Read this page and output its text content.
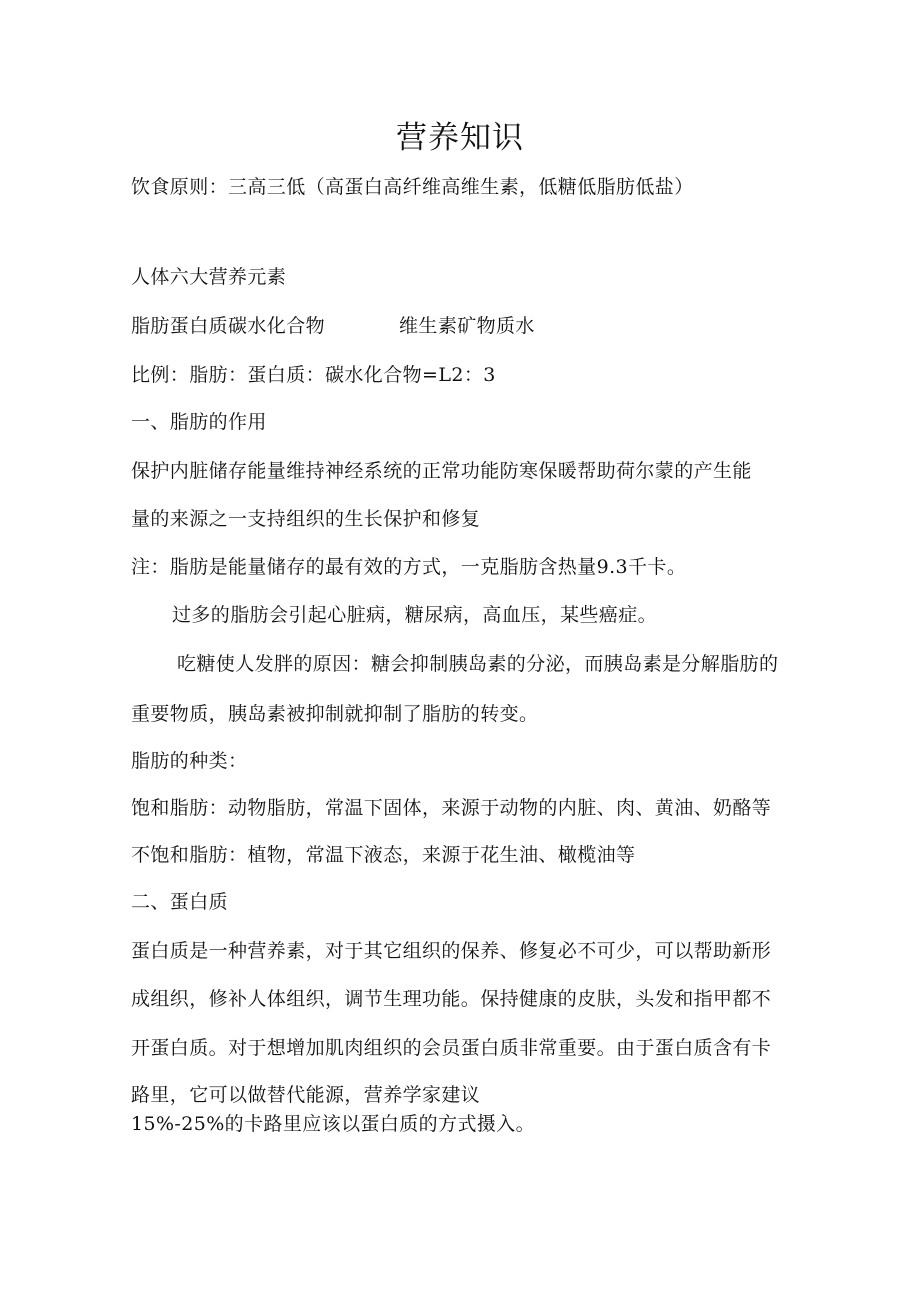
营养知识
饮食原则：三高三低（高蛋白高纤维高维生素，低糖低脂肪低盐）
人体六大营养元素
脂肪蛋白质碳水化合物	维生素矿物质水
比例：脂肪：蛋白质：碳水化合物=L2：3
一、脂肪的作用
保护内脏储存能量维持神经系统的正常功能防寒保暖帮助荷尔蒙的产生能
量的来源之一支持组织的生长保护和修复
注：脂肪是能量储存的最有效的方式，一克脂肪含热量9.3千卡。
过多的脂肪会引起心脏病，糖尿病，高血压，某些癌症。
吃糖使人发胖的原因：糖会抑制胰岛素的分泌，而胰岛素是分解脂肪的
重要物质，胰岛素被抑制就抑制了脂肪的转变。
脂肪的种类：
饱和脂肪：动物脂肪，常温下固体，来源于动物的内脏、肉、黄油、奶酪等
不饱和脂肪：植物，常温下液态，来源于花生油、橄榄油等
二、蛋白质
蛋白质是一种营养素，对于其它组织的保养、修复必不可少，可以帮助新形
成组织，修补人体组织，调节生理功能。保持健康的皮肤，头发和指甲都不
开蛋白质。对于想增加肌肉组织的会员蛋白质非常重要。由于蛋白质含有卡
路里，它可以做替代能源，营养学家建议
15%-25%的卡路里应该以蛋白质的方式摄入。
